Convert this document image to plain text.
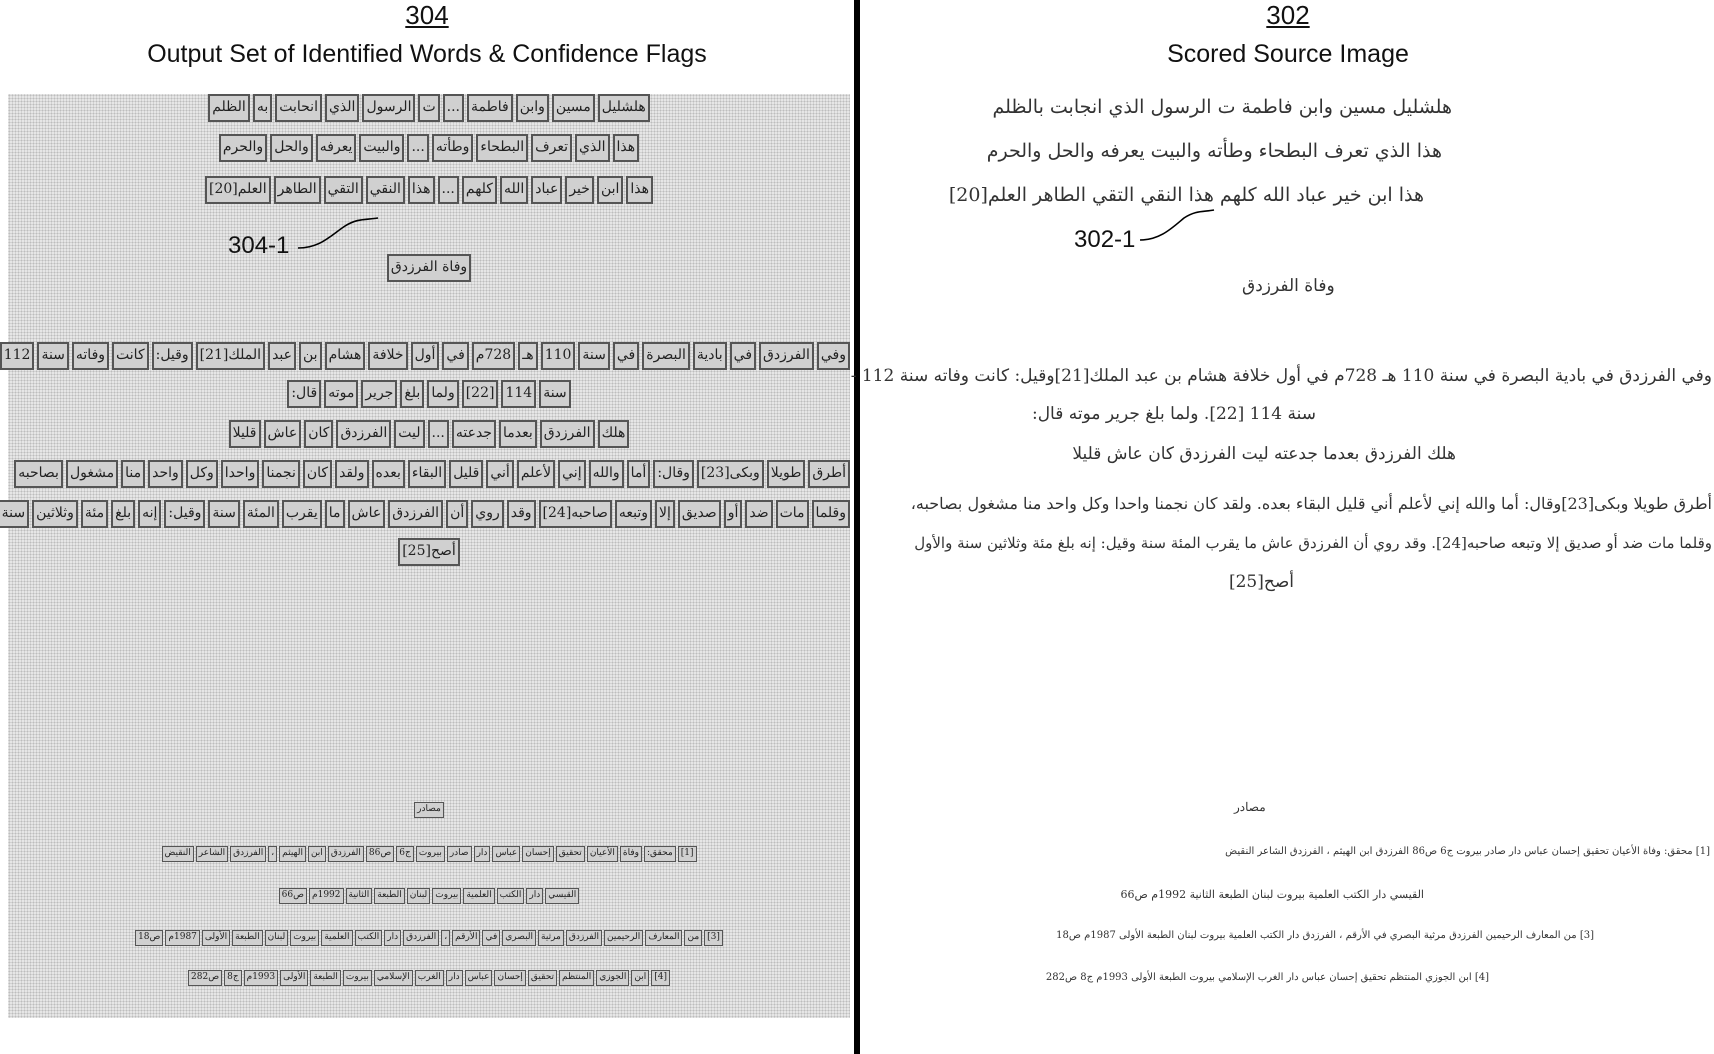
304
Output Set of Identified Words & Confidence Flags
هلشليل
مسين
وابن
فاطمة
...
ت
الرسول
الذي
انحابت
به
الظلم
هذا
الذي
تعرف
البطحاء
وطأته
...
والبيت
يعرفه
والحل
والحرم
هذا
ابن
خير
عباد
الله
كلهم
...
هذا
النقي
التقي
الطاهر
العلم[20]
وفاة الفرزدق
وفي
الفرزدق
في
بادية
البصرة
في
سنة
110
هـ
728م
في
أول
خلافة
هشام
بن
عبد
الملك[21]
وقيل:
كانت
وفاته
سنة
112
سنة
114
[22]
ولما
بلغ
جرير
موته
قال:
هلك
الفرزدق
بعدما
جدعته
...
ليت
الفرزدق
كان
عاش
قليلا
أطرق
طويلا
وبكى[23]
وقال:
أما
والله
إني
لأعلم
أني
قليل
البقاء
بعده
ولقد
كان
نجمنا
واحدا
وكل
واحد
منا
مشغول
بصاحبه
وقلما
مات
ضد
أو
صديق
إلا
وتبعه
صاحبه[24]
وقد
روي
أن
الفرزدق
عاش
ما
يقرب
المئة
سنة
وقيل:
إنه
بلغ
مئة
وثلاثين
سنة
أصح[25]
مصادر
[1]
محقق:
وفاة
الأعيان
تحقيق
إحسان
عباس
دار
صادر
بيروت
ج6
ص86
الفرزدق
ابن
الهيثم
،
الفرزدق
الشاعر
النقيض
القيسي
دار
الكتب
العلمية
بيروت
لبنان
الطبعة
الثانية
1992م
ص66
[3]
من
المعارف
الرحيمين
الفرزدق
مرثية
البصري
في
الأرقم
،
الفرزدق
دار
الكتب
العلمية
بيروت
لبنان
الطبعة
الأولى
1987م
ص18
[4]
ابن
الجوزي
المنتظم
تحقيق
إحسان
عباس
دار
الغرب
الإسلامي
بيروت
الطبعة
الأولى
1993م
ج8
ص282
304-1
302
Scored Source Image
هلشليل مسين وابن فاطمة ت الرسول الذي انجابت بالظلم
هذا الذي تعرف البطحاء وطأته والبيت يعرفه والحل والحرم
هذا ابن خير عباد الله كلهم هذا النقي التقي الطاهر العلم[20]
302-1
وفاة الفرزدق
وفي الفرزدق في بادية البصرة في سنة 110 هـ 728م في أول خلافة هشام بن عبد الملك[21]وقيل: كانت وفاته سنة 112 -
سنة 114 [22]. ولما بلغ جرير موته قال:
هلك الفرزدق بعدما جدعته ليت الفرزدق كان عاش قليلا
أطرق طويلا وبكى[23]وقال: أما والله إني لأعلم أني قليل البقاء بعده. ولقد كان نجمنا واحدا وكل واحد منا مشغول بصاحبه،
وقلما مات ضد أو صديق إلا وتبعه صاحبه[24]. وقد روي أن الفرزدق عاش ما يقرب المئة سنة وقيل: إنه بلغ مئة وثلاثين سنة والأول
أصح[25]
مصادر
[1] محقق: وفاة الأعيان تحقيق إحسان عباس دار صادر بيروت ج6 ص86 الفرزدق ابن الهيثم ، الفرزدق الشاعر النقيض
القيسي دار الكتب العلمية بيروت لبنان الطبعة الثانية 1992م ص66
[3] من المعارف الرحيمين الفرزدق مرثية البصري في الأرقم ، الفرزدق دار الكتب العلمية بيروت لبنان الطبعة الأولى 1987م ص18
[4] ابن الجوزي المنتظم تحقيق إحسان عباس دار الغرب الإسلامي بيروت الطبعة الأولى 1993م ج8 ص282
